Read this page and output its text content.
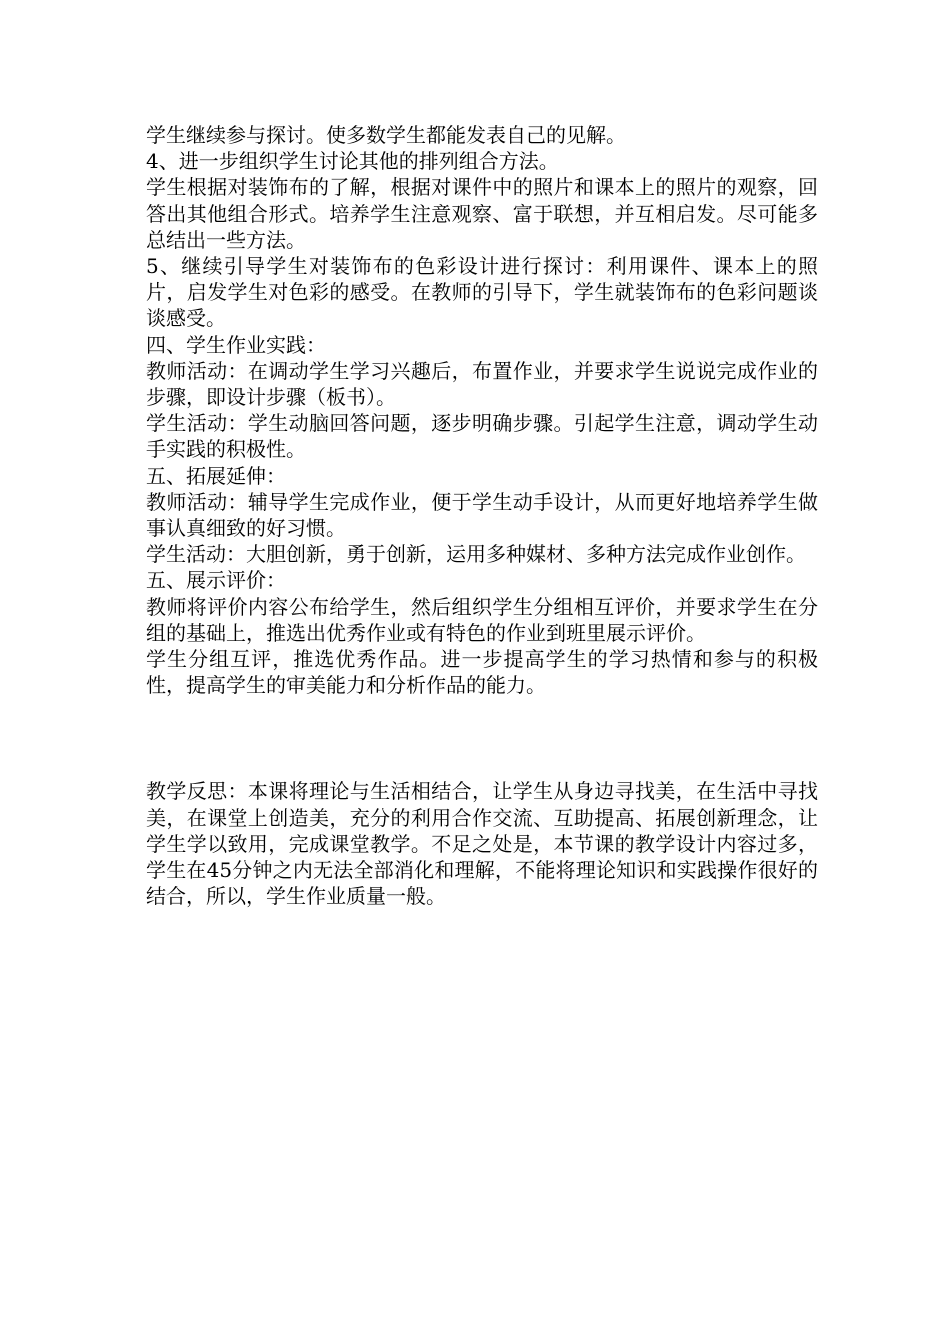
学生继续参与探讨。使多数学生都能发表自己的见解。

4、进一步组织学生讨论其他的排列组合方法。

学生根据对装饰布的了解，根据对课件中的照片和课本上的照片的观察，回答出其他组合形式。培养学生注意观察、富于联想，并互相启发。尽可能多总结出一些方法。

5、继续引导学生对装饰布的色彩设计进行探讨：利用课件、课本上的照片，启发学生对色彩的感受。在教师的引导下，学生就装饰布的色彩问题谈谈感受。

四、学生作业实践：

教师活动：在调动学生学习兴趣后，布置作业，并要求学生说说完成作业的步骤，即设计步骤（板书）。

学生活动：学生动脑回答问题，逐步明确步骤。引起学生注意，调动学生动手实践的积极性。

五、拓展延伸：

教师活动：辅导学生完成作业，便于学生动手设计，从而更好地培养学生做事认真细致的好习惯。

学生活动：大胆创新，勇于创新，运用多种媒材、多种方法完成作业创作。

五、展示评价：

教师将评价内容公布给学生，然后组织学生分组相互评价，并要求学生在分组的基础上，推选出优秀作业或有特色的作业到班里展示评价。

学生分组互评，推选优秀作品。进一步提高学生的学习热情和参与的积极性，提高学生的审美能力和分析作品的能力。

教学反思：本课将理论与生活相结合，让学生从身边寻找美，在生活中寻找美，在课堂上创造美，充分的利用合作交流、互助提高、拓展创新理念，让学生学以致用，完成课堂教学。不足之处是，本节课的教学设计内容过多，学生在45分钟之内无法全部消化和理解，不能将理论知识和实践操作很好的结合，所以，学生作业质量一般。
